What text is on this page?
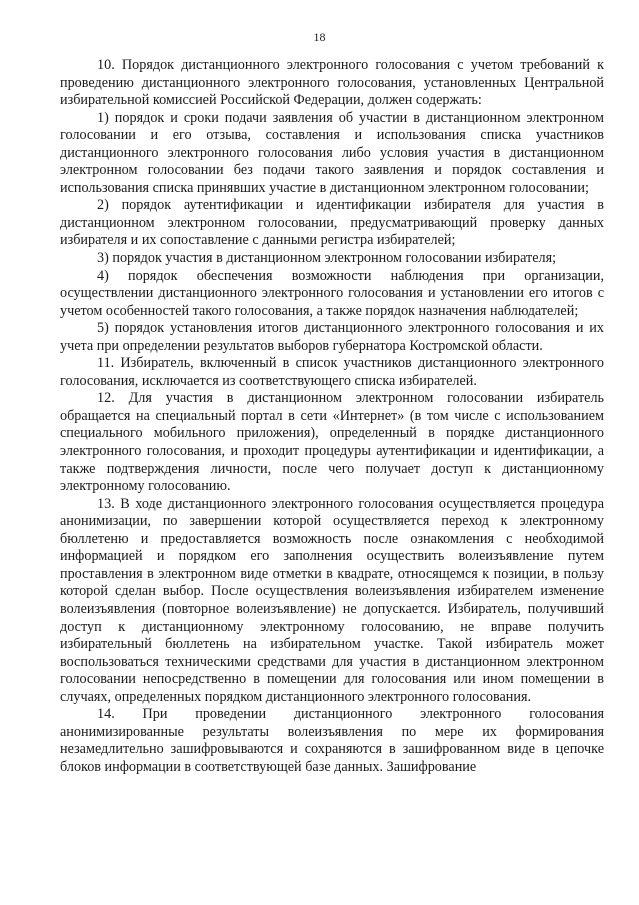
18

10. Порядок дистанционного электронного голосования с учетом требований к проведению дистанционного электронного голосования, установленных Центральной избирательной комиссией Российской Федерации, должен содержать:

1) порядок и сроки подачи заявления об участии в дистанционном электронном голосовании и его отзыва, составления и использования списка участников дистанционного электронного голосования либо условия участия в дистанционном электронном голосовании без подачи такого заявления и порядок составления и использования списка принявших участие в дистанционном электронном голосовании;

2) порядок аутентификации и идентификации избирателя для участия в дистанционном электронном голосовании, предусматривающий проверку данных избирателя и их сопоставление с данными регистра избирателей;

3) порядок участия в дистанционном электронном голосовании избирателя;

4) порядок обеспечения возможности наблюдения при организации, осуществлении дистанционного электронного голосования и установлении его итогов с учетом особенностей такого голосования, а также порядок назначения наблюдателей;

5) порядок установления итогов дистанционного электронного голосования и их учета при определении результатов выборов губернатора Костромской области.

11. Избиратель, включенный в список участников дистанционного электронного голосования, исключается из соответствующего списка избирателей.

12. Для участия в дистанционном электронном голосовании избиратель обращается на специальный портал в сети «Интернет» (в том числе с использованием специального мобильного приложения), определенный в порядке дистанционного электронного голосования, и проходит процедуры аутентификации и идентификации, а также подтверждения личности, после чего получает доступ к дистанционному электронному голосованию.

13. В ходе дистанционного электронного голосования осуществляется процедура анонимизации, по завершении которой осуществляется переход к электронному бюллетеню и предоставляется возможность после ознакомления с необходимой информацией и порядком его заполнения осуществить волеизъявление путем проставления в электронном виде отметки в квадрате, относящемся к позиции, в пользу которой сделан выбор. После осуществления волеизъявления избирателем изменение волеизъявления (повторное волеизъявление) не допускается. Избиратель, получивший доступ к дистанционному электронному голосованию, не вправе получить избирательный бюллетень на избирательном участке. Такой избиратель может воспользоваться техническими средствами для участия в дистанционном электронном голосовании непосредственно в помещении для голосования или ином помещении в случаях, определенных порядком дистанционного электронного голосования.

14. При проведении дистанционного электронного голосования анонимизированные результаты волеизъявления по мере их формирования незамедлительно зашифровываются и сохраняются в зашифрованном виде в цепочке блоков информации в соответствующей базе данных. Зашифрование
